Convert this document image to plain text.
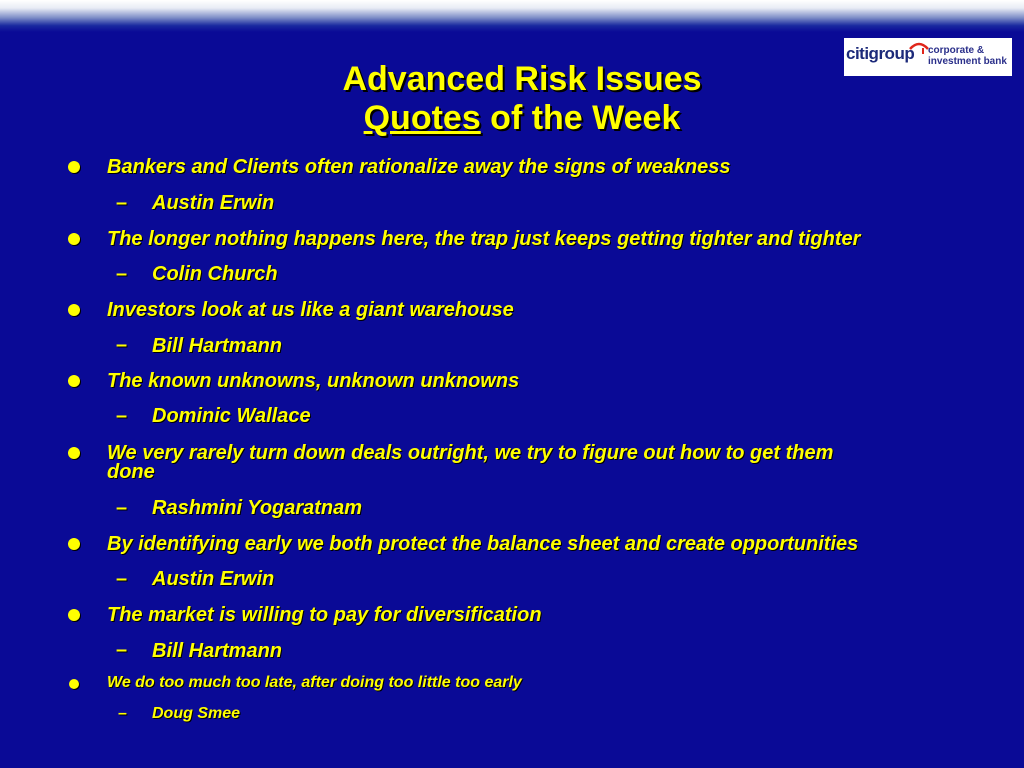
citigroup corporate &
investment bank
Advanced Risk Issues
Quotes of the Week
Bankers and Clients often rationalize away the signs of weakness
– Austin Erwin
The longer nothing happens here, the trap just keeps getting tighter and tighter
– Colin Church
Investors look at us like a giant warehouse
– Bill Hartmann
The known unknowns, unknown unknowns
– Dominic Wallace
We very rarely turn down deals outright, we try to figure out how to get them
done
– Rashmini Yogaratnam
By identifying early we both protect the balance sheet and create opportunities
– Austin Erwin
The market is willing to pay for diversification
– Bill Hartmann
We do too much too late, after doing too little too early
– Doug Smee
